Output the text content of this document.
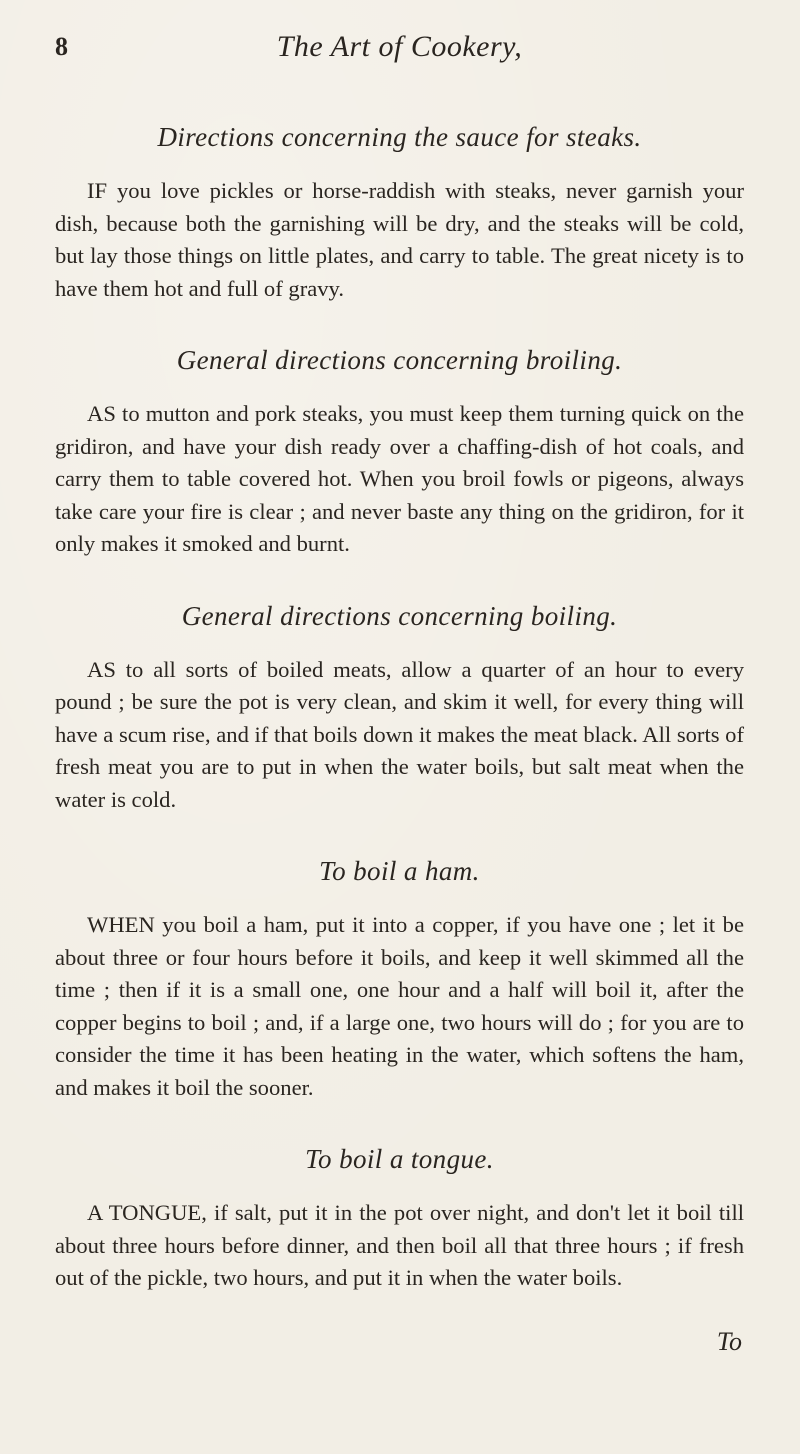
8	The Art of Cookery,
Directions concerning the sauce for steaks.

IF you love pickles or horse-raddish with steaks, never garnish your dish, because both the garnishing will be dry, and the steaks will be cold, but lay those things on little plates, and carry to table. The great nicety is to have them hot and full of gravy.

General directions concerning broiling.

AS to mutton and pork steaks, you must keep them turning quick on the gridiron, and have your dish ready over a chaffing-dish of hot coals, and carry them to table covered hot. When you broil fowls or pigeons, always take care your fire is clear ; and never baste any thing on the gridiron, for it only makes it smoked and burnt.

General directions concerning boiling.

AS to all sorts of boiled meats, allow a quarter of an hour to every pound ; be sure the pot is very clean, and skim it well, for every thing will have a scum rise, and if that boils down it makes the meat black. All sorts of fresh meat you are to put in when the water boils, but salt meat when the water is cold.

To boil a ham.

WHEN you boil a ham, put it into a copper, if you have one ; let it be about three or four hours before it boils, and keep it well skimmed all the time ; then if it is a small one, one hour and a half will boil it, after the copper begins to boil ; and, if a large one, two hours will do ; for you are to consider the time it has been heating in the water, which softens the ham, and makes it boil the sooner.

To boil a tongue.

A TONGUE, if salt, put it in the pot over night, and don't let it boil till about three hours before dinner, and then boil all that three hours ; if fresh out of the pickle, two hours, and put it in when the water boils.

To
